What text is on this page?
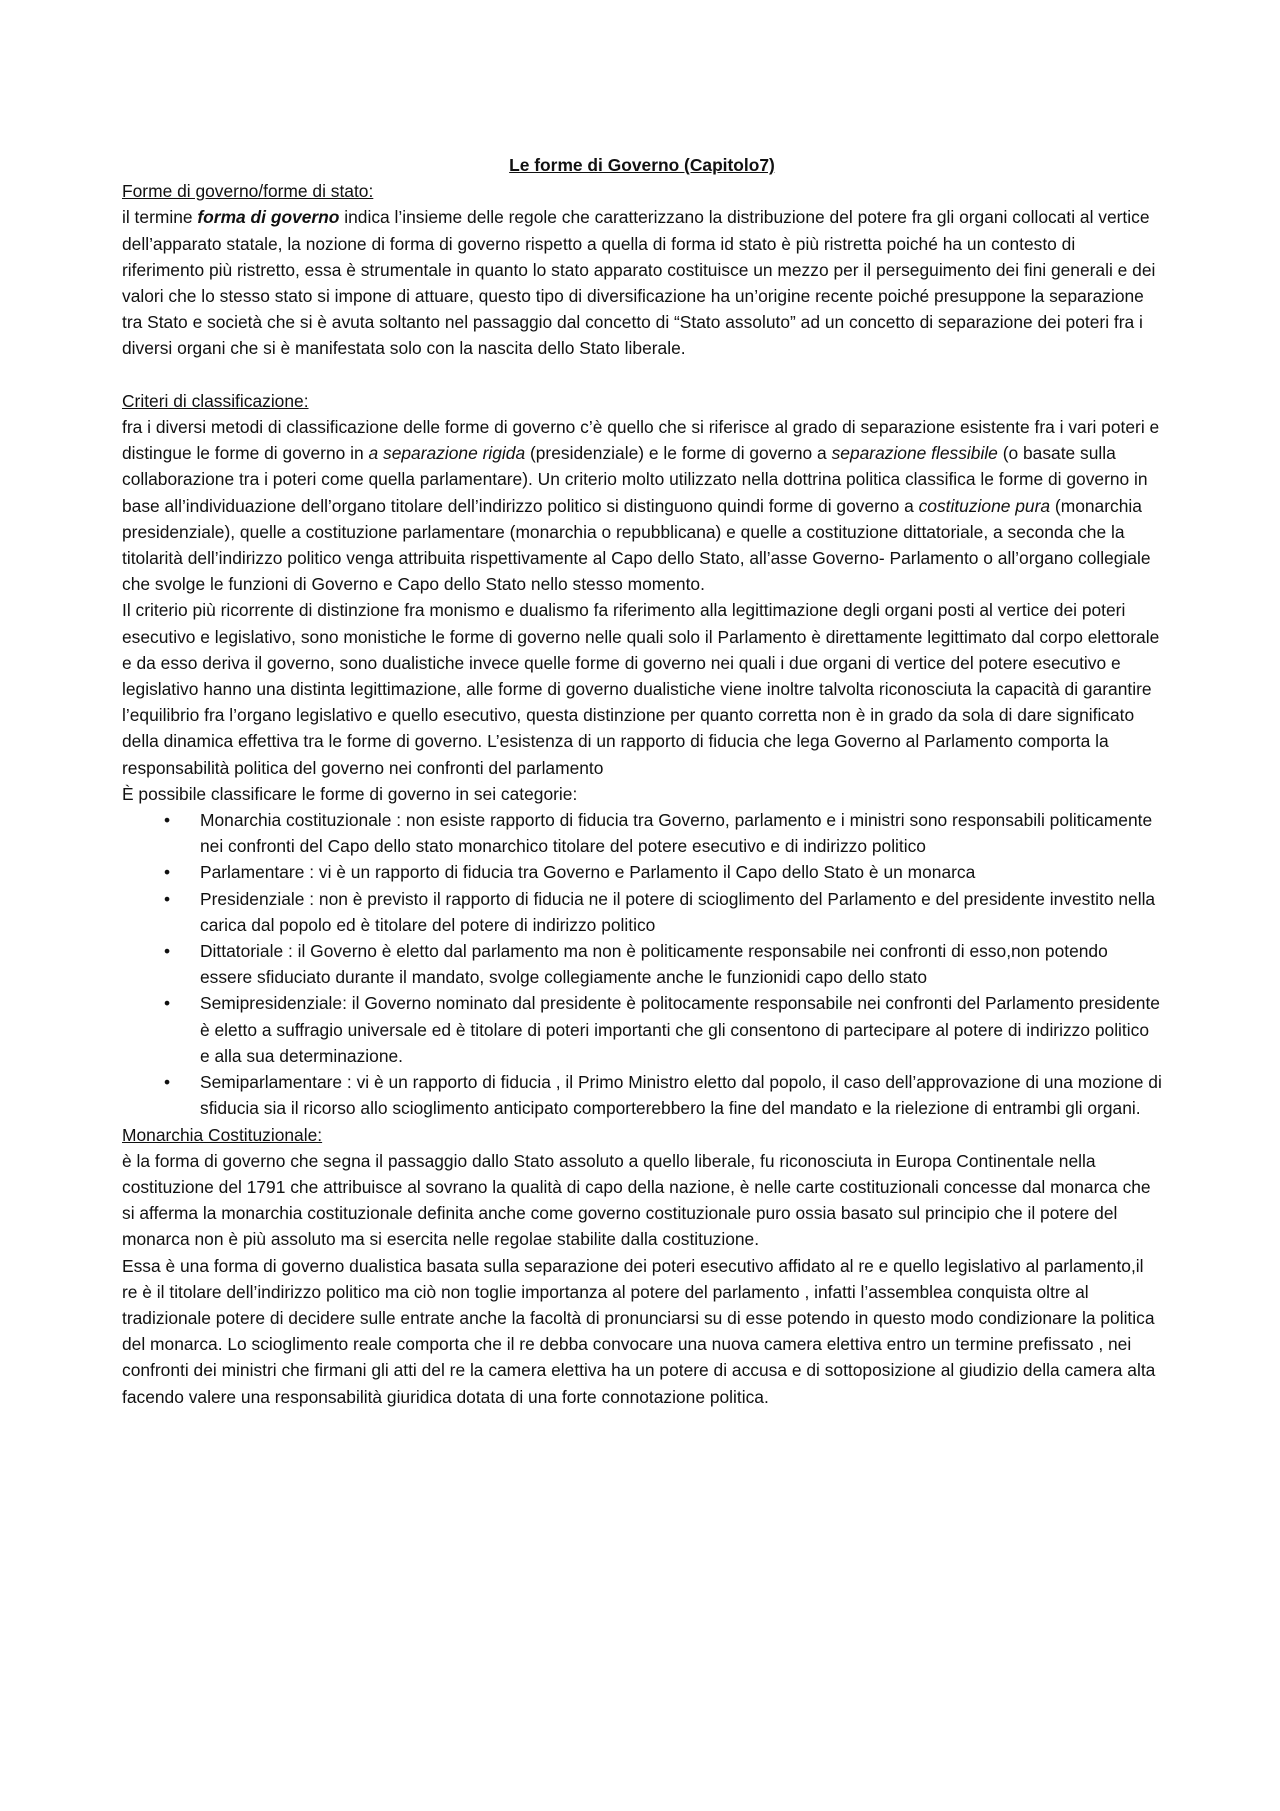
Le forme di Governo (Capitolo7)

Forme di governo/forme di stato:

il termine forma di governo indica l’insieme delle regole che caratterizzano la distribuzione del potere fra gli organi collocati al vertice dell’apparato statale, la nozione di forma di governo rispetto a quella di forma id stato è più ristretta poiché ha un contesto di riferimento più ristretto, essa è strumentale in quanto lo stato apparato costituisce un mezzo per il perseguimento dei fini generali e dei valori che lo stesso stato si impone di attuare, questo tipo di diversificazione ha un’origine recente poiché presuppone la separazione tra Stato e società che si è avuta soltanto nel passaggio dal concetto di “Stato assoluto” ad un concetto di separazione dei poteri fra i diversi organi che si è manifestata solo con la nascita dello Stato liberale.

Criteri di classificazione:

fra i diversi metodi di classificazione delle forme di governo c’è quello che si riferisce al grado di separazione esistente fra i vari poteri e distingue le forme di governo in a separazione rigida (presidenziale) e le forme di governo a separazione flessibile (o basate sulla collaborazione tra i poteri come quella parlamentare). Un criterio molto utilizzato nella dottrina politica classifica le forme di governo in base all’individuazione dell’organo titolare dell’indirizzo politico si distinguono quindi forme di governo a costituzione pura (monarchia presidenziale), quelle a costituzione parlamentare (monarchia o repubblicana) e quelle a costituzione dittatoriale, a seconda che la titolarità dell’indirizzo politico venga attribuita rispettivamente al Capo dello Stato, all’asse Governo- Parlamento o all’organo collegiale che svolge le funzioni di Governo e Capo dello Stato nello stesso momento.

Il criterio più ricorrente di distinzione fra monismo e dualismo fa riferimento alla legittimazione degli organi posti al vertice dei poteri esecutivo e legislativo, sono monistiche le forme di governo nelle quali solo il Parlamento è direttamente legittimato dal corpo elettorale e da esso deriva il governo, sono dualistiche invece quelle forme di governo nei quali i due organi di vertice del potere esecutivo e legislativo hanno una distinta legittimazione, alle forme di governo dualistiche viene inoltre talvolta riconosciuta la capacità di garantire l’equilibrio fra l’organo legislativo e quello esecutivo, questa distinzione per quanto corretta non è in grado da sola di dare significato della dinamica effettiva tra le forme di governo. L’esistenza di un rapporto di fiducia che lega Governo al Parlamento comporta la responsabilità politica del governo nei confronti del parlamento

È possibile classificare le forme di governo in sei categorie:

• Monarchia costituzionale : non esiste rapporto di fiducia tra Governo, parlamento e i ministri sono responsabili politicamente nei confronti del Capo dello stato monarchico titolare del potere esecutivo e di indirizzo politico
• Parlamentare : vi è un rapporto di fiducia tra Governo e Parlamento il Capo dello Stato è un monarca
• Presidenziale : non è previsto il rapporto di fiducia ne il potere di scioglimento del Parlamento e del presidente investito nella carica dal popolo ed è titolare del potere di indirizzo politico
• Dittatoriale : il Governo è eletto dal parlamento ma non è politicamente responsabile nei confronti di esso,non potendo essere sfiduciato durante il mandato, svolge collegiamente anche le funzionidi capo dello stato
• Semipresidenziale: il Governo nominato dal presidente è politocamente responsabile nei confronti del Parlamento presidente è eletto a suffragio universale ed è titolare di poteri importanti che gli consentono di partecipare al potere di indirizzo politico e alla sua determinazione.
• Semiparlamentare : vi è un rapporto di fiducia , il Primo Ministro eletto dal popolo, il caso dell’approvazione di una mozione di sfiducia sia il ricorso allo scioglimento anticipato comporterebbero la fine del mandato e la rielezione di entrambi gli organi.

Monarchia Costituzionale:

è la forma di governo che segna il passaggio dallo Stato assoluto a quello liberale, fu riconosciuta in Europa Continentale nella costituzione del 1791 che attribuisce al sovrano la qualità di capo della nazione, è nelle carte costituzionali concesse dal monarca che si afferma la monarchia costituzionale definita anche come governo costituzionale puro ossia basato sul principio che il potere del monarca non è più assoluto ma si esercita nelle regolae stabilite dalla costituzione.

Essa è una forma di governo dualistica basata sulla separazione dei poteri esecutivo affidato al re e quello legislativo al parlamento,il re è il titolare dell’indirizzo politico ma ciò non toglie importanza al potere del parlamento , infatti l’assemblea conquista oltre al tradizionale potere di decidere sulle entrate anche la facoltà di pronunciarsi su di esse potendo in questo modo condizionare la politica del monarca. Lo scioglimento reale comporta che il re debba convocare una nuova camera elettiva entro un termine prefissato , nei confronti dei ministri che firmani gli atti del re la camera elettiva ha un potere di accusa e di sottoposizione al giudizio della camera alta facendo valere una responsabilità giuridica dotata di una forte connotazione politica.
